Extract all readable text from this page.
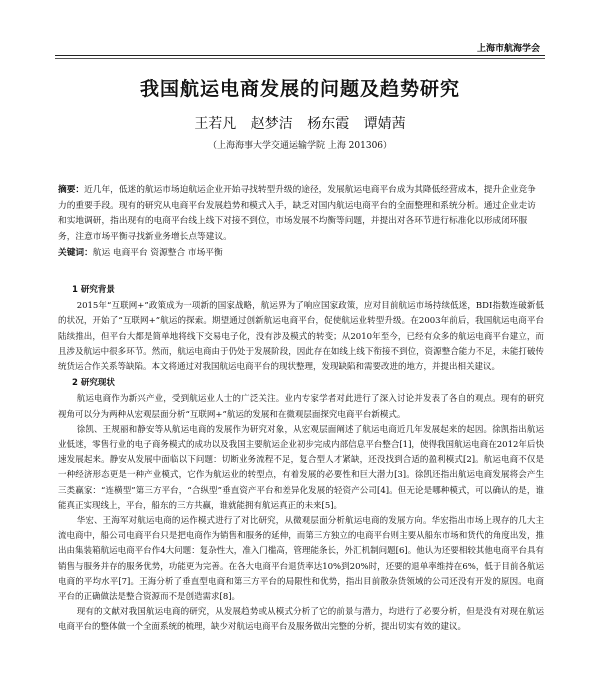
上海市航海学会
我国航运电商发展的问题及趋势研究
王若凡 赵梦洁 杨东霞 谭婧茜
（上海海事大学交通运输学院 上海 201306）
摘要：近几年，低迷的航运市场迫航运企业开始寻找转型升级的途径，发展航运电商平台成为其降低经营成本，提升企业竞争力的重要手段。现有的研究从电商平台发展趋势和模式入手，缺乏对国内航运电商平台的全面整理和系统分析。通过企业走访和实地调研，指出现有的电商平台线上线下对接不到位，市场发展不均衡等问题，并提出对各环节进行标准化以形成闭环服务，注意市场平衡寻找新业务增长点等建议。
关键词：航运 电商平台 资源整合 市场平衡
1 研究背景

2015年“互联网+”政策成为一项新的国家战略，航运界为了响应国家政策，应对目前航运市场持续低迷，BDI指数连破新低的状况，开始了“互联网+”航运的探索。期望通过创新航运电商平台，促使航运业转型升级。在2003年前后，我国航运电商平台陆续推出，但平台大都是简单地将线下交易电子化，没有涉及模式的转变；从2010年至今，已经有众多的航运电商平台建立，而且涉及航运中很多环节。然而，航运电商由于仍处于发展阶段，因此存在如线上线下衔接不到位，资源整合能力不足，未能打破传统货运合作关系等缺陷。本文将通过对我国航运电商平台的现状整理，发现缺陷和需要改进的地方，并提出相关建议。

2 研究现状

航运电商作为新兴产业，受到航运业人士的广泛关注。业内专家学者对此进行了深入讨论并发表了各自的观点。现有的研究视角可以分为两种从宏观层面分析“互联网+”航运的发展和在微观层面探究电商平台新模式。

徐凯、王规丽和静安等从航运电商的发展作为研究对象，从宏观层面阐述了航运电商近几年发展起来的起因。徐凯指出航运业低迷，零售行业的电子商务模式的成功以及我国主要航运企业初步完成内部信息平台整合[1]，使得我国航运电商在2012年后快速发展起来。静安从发展中面临以下问题：切断业务流程不足，复合型人才紧缺，还没找到合适的盈利模式[2]。航运电商不仅是一种经济形态更是一种产业模式，它作为航运业的转型点，有着发展的必要性和巨大潜力[3]。徐凯还指出航运电商发展将会产生三类赢家：“连横型”第三方平台，“合纵型”垂直资产平台和差异化发展的轻资产公司[4]。但无论是哪种模式，可以确认的是，谁能真正实现线上，平台，船东的三方共赢，谁就能拥有航运真正的未来[5]。

华宏、王海军对航运电商的运作模式进行了对比研究，从微观层面分析航运电商的发展方向。华宏指出市场上现存的几大主流电商中，船公司电商平台只是把电商作为销售和服务的延伸，而第三方独立的电商平台则主要从船东市场和货代的角度出发，推出由集装箱航运电商平台作4大问题：复杂性大，准入门槛高，管理能条长，外汇机制问题[6]。他认为还要相较其他电商平台具有销售与服务并存的服务优势，功能更为完善。在各大电商平台退货率达10%到20%时，还要的退单率维持在6%，低于目前各航运电商的平均水平[7]。王海分析了垂直型电商和第三方平台的局限性和优势，指出目前散杂货领域的公司还没有开发的原因。电商平台的正确做法是整合资源而不是创造需求[8]。

现有的文献对我国航运电商的研究，从发展趋势或从模式分析了它的前景与潜力，均进行了必要分析，但是没有对现在航运电商平台的整体做一个全面系统的梳理，缺少对航运电商平台及服务做出完整的分析，提出切实有效的建议。
